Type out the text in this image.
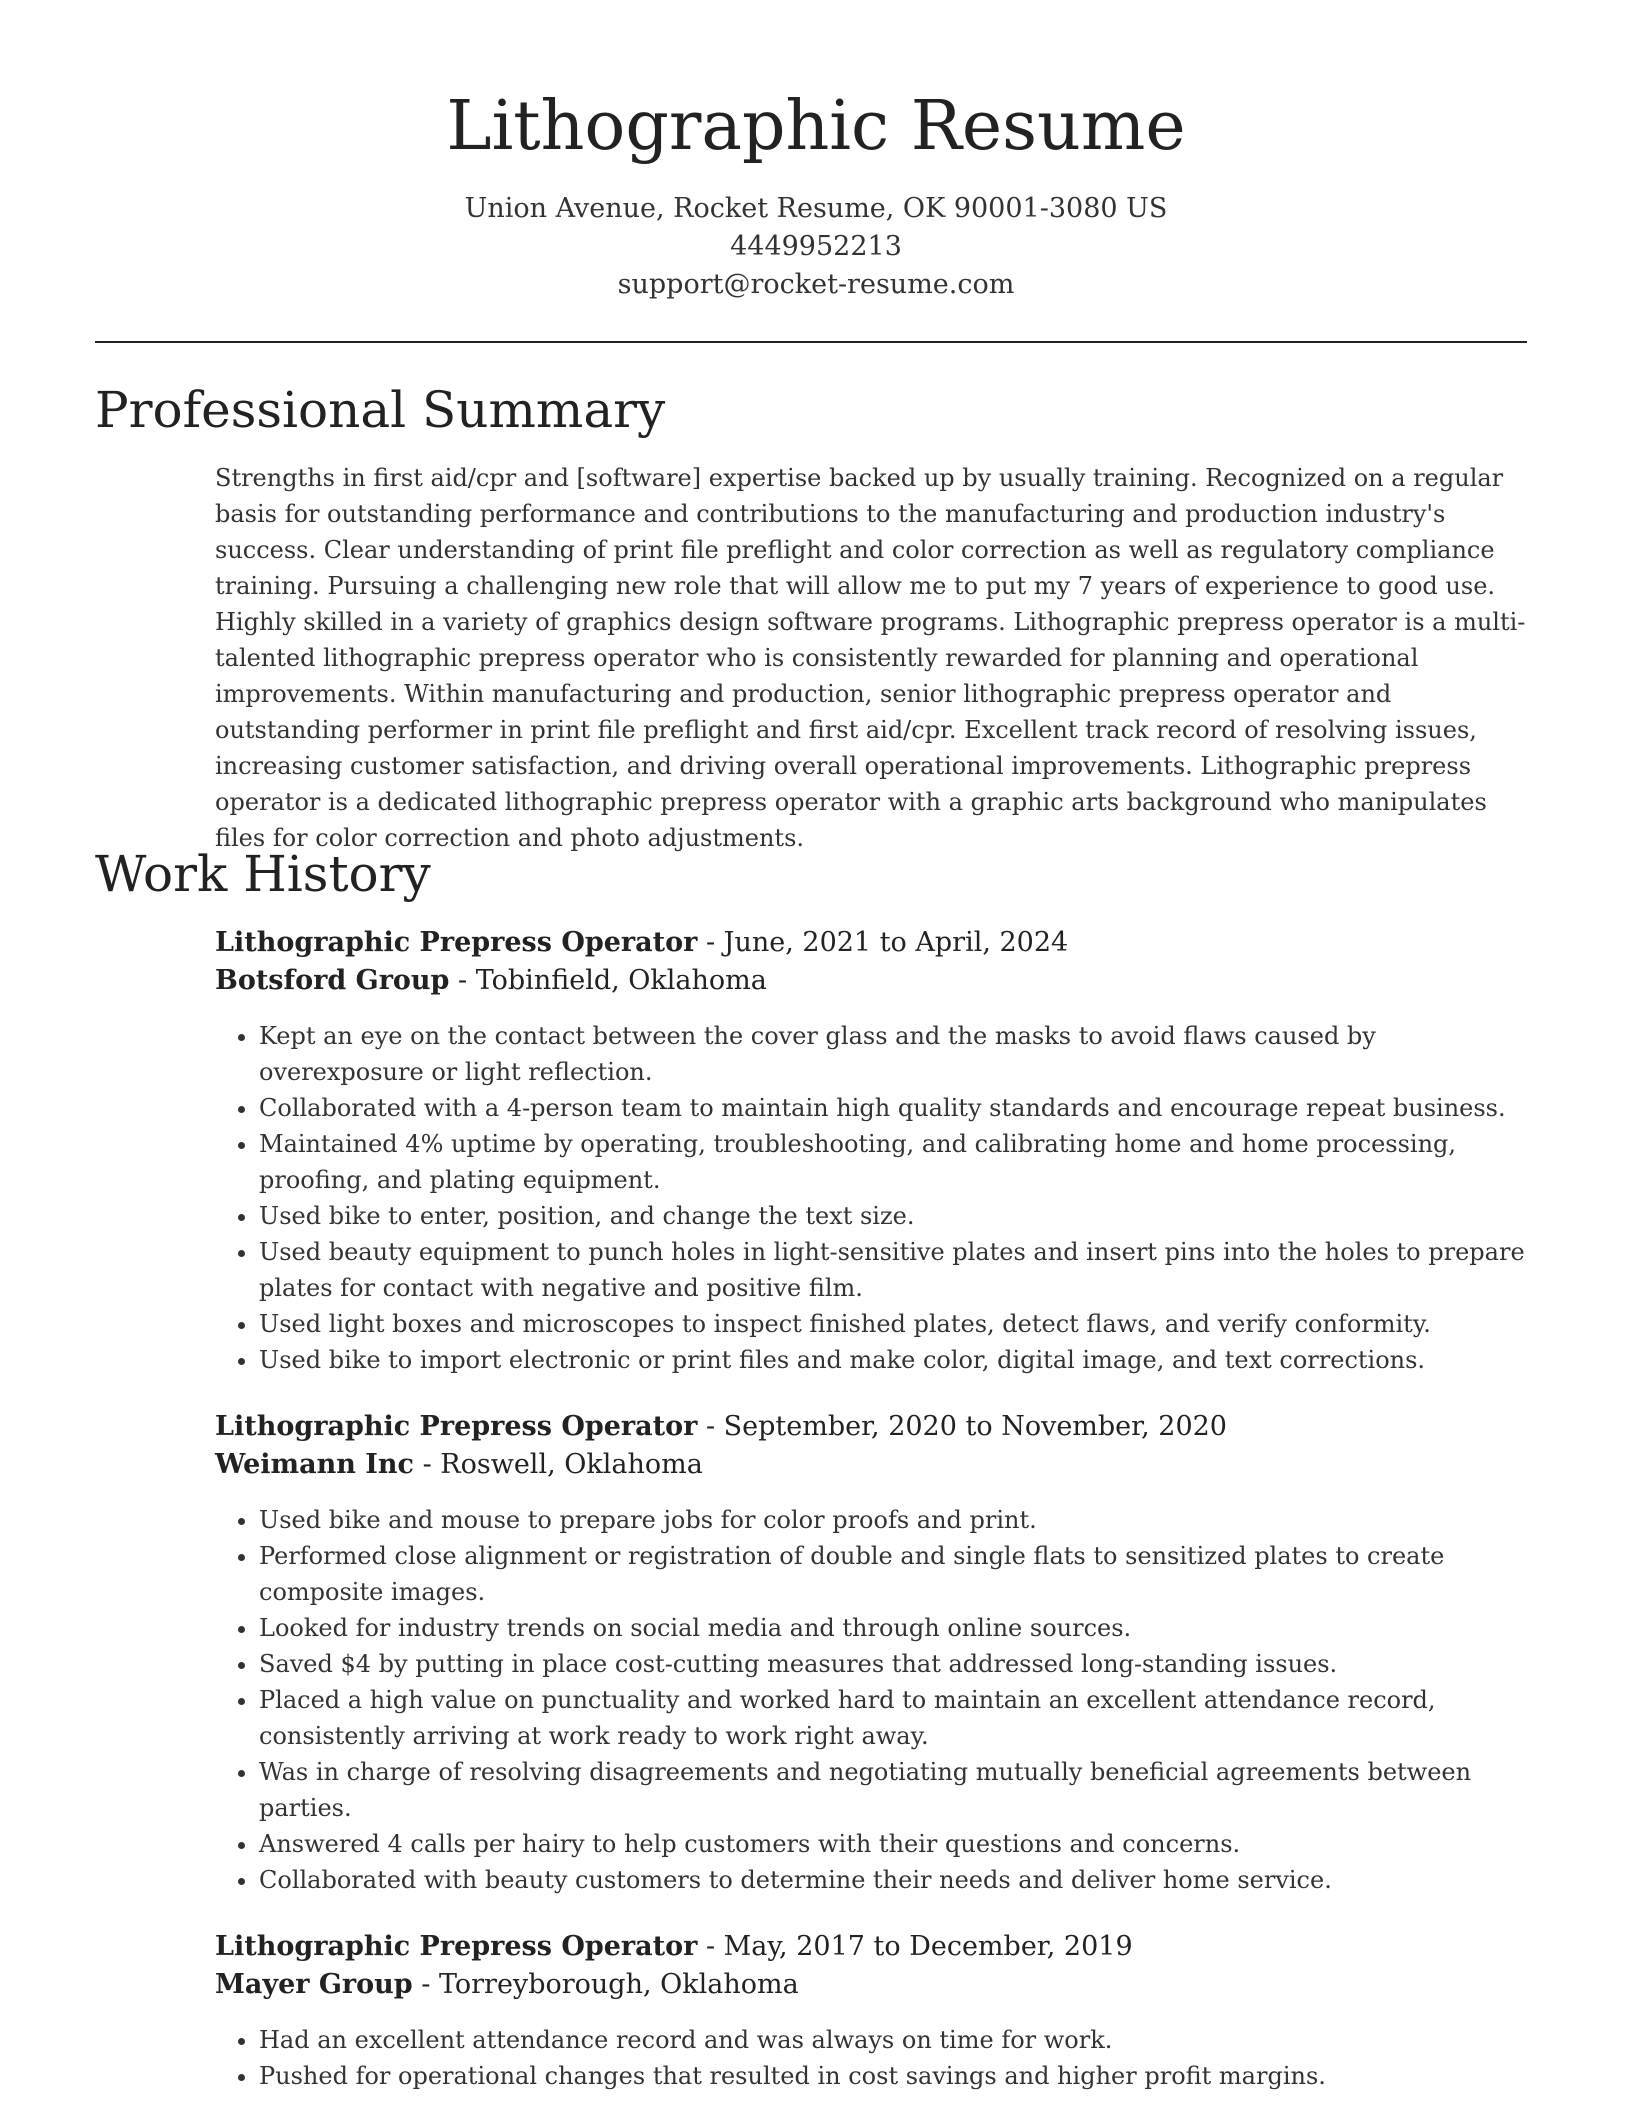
Lithographic Resume
Union Avenue, Rocket Resume, OK 90001-3080 US
4449952213
support@rocket-resume.com
Professional Summary

Strengths in first aid/cpr and [software] expertise backed up by usually training. Recognized on a regular basis for outstanding performance and contributions to the manufacturing and production industry's success. Clear understanding of print file preflight and color correction as well as regulatory compliance training. Pursuing a challenging new role that will allow me to put my 7 years of experience to good use. Highly skilled in a variety of graphics design software programs. Lithographic prepress operator is a multi-talented lithographic prepress operator who is consistently rewarded for planning and operational improvements. Within manufacturing and production, senior lithographic prepress operator and outstanding performer in print file preflight and first aid/cpr. Excellent track record of resolving issues, increasing customer satisfaction, and driving overall operational improvements. Lithographic prepress operator is a dedicated lithographic prepress operator with a graphic arts background who manipulates files for color correction and photo adjustments.

Work History
Lithographic Prepress Operator - June, 2021 to April, 2024
Botsford Group - Tobinfield, Oklahoma
• Kept an eye on the contact between the cover glass and the masks to avoid flaws caused by overexposure or light reflection.
• Collaborated with a 4-person team to maintain high quality standards and encourage repeat business.
• Maintained 4% uptime by operating, troubleshooting, and calibrating home and home processing, proofing, and plating equipment.
• Used bike to enter, position, and change the text size.
• Used beauty equipment to punch holes in light-sensitive plates and insert pins into the holes to prepare plates for contact with negative and positive film.
• Used light boxes and microscopes to inspect finished plates, detect flaws, and verify conformity.
• Used bike to import electronic or print files and make color, digital image, and text corrections.
Lithographic Prepress Operator - September, 2020 to November, 2020
Weimann Inc - Roswell, Oklahoma
• Used bike and mouse to prepare jobs for color proofs and print.
• Performed close alignment or registration of double and single flats to sensitized plates to create composite images.
• Looked for industry trends on social media and through online sources.
• Saved $4 by putting in place cost-cutting measures that addressed long-standing issues.
• Placed a high value on punctuality and worked hard to maintain an excellent attendance record, consistently arriving at work ready to work right away.
• Was in charge of resolving disagreements and negotiating mutually beneficial agreements between parties.
• Answered 4 calls per hairy to help customers with their questions and concerns.
• Collaborated with beauty customers to determine their needs and deliver home service.
Lithographic Prepress Operator - May, 2017 to December, 2019
Mayer Group - Torreyborough, Oklahoma
• Had an excellent attendance record and was always on time for work.
• Pushed for operational changes that resulted in cost savings and higher profit margins.
